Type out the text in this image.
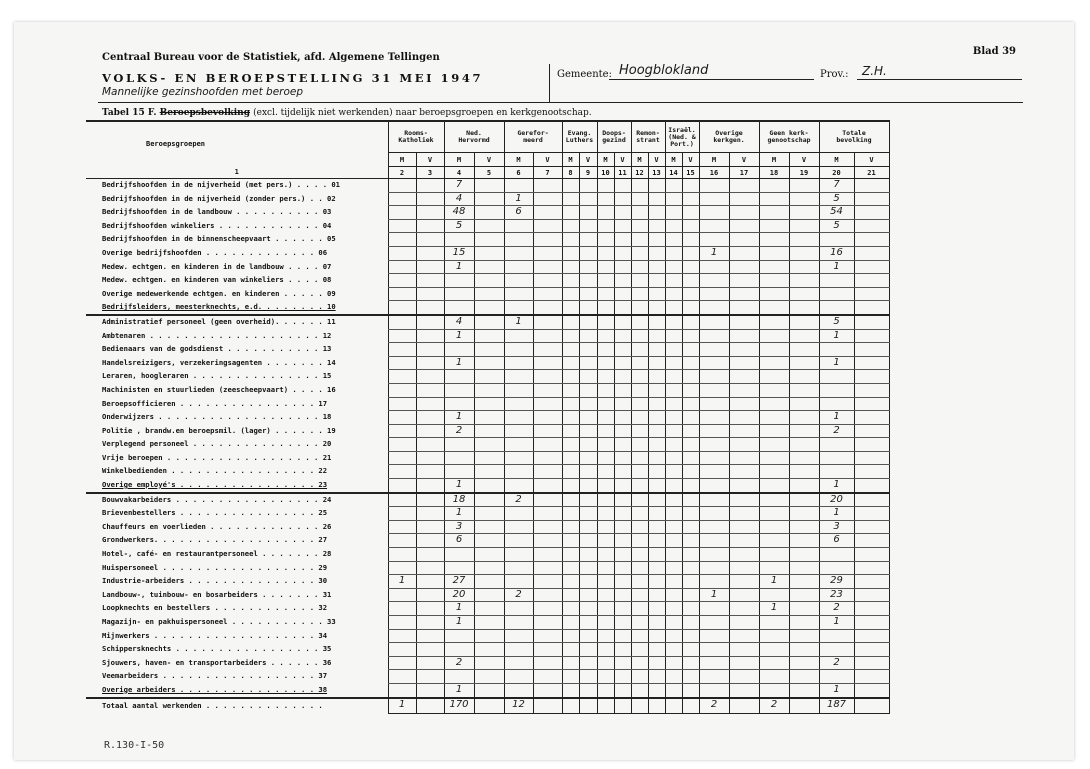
Centraal Bureau voor de Statistiek, afd. Algemene Tellingen
Blad 39
VOLKS- EN BEROEPSTELLING 31 MEI 1947
Mannelijke gezinshoofden met beroep
Gemeente: Hoogblokland	Prov.: Z.H.
Tabel 15 F. Beroepsbevolking (excl. tijdelijk niet werkenden) naar beroepsgroepen en kerkgenootschap.
Beroepsgroepen	Rooms-
Katholiek		Ned.
Hervormd		Gerefor-
meerd		Evang.
Luthers		Doops-
gezind		Remon-
strant		Israël.
(Ned. &
Port.)		Overige
kerkgen.		Geen kerk-
genootschap		Totale
bevolking	
	M	V	M	V	M	V	M	V	M	V	M	V	M	V	M	V	M	V	M	V
1	2	3	4	5	6	7	8	9	10	11	12	13	14	15	16	17	18	19	20	21
Bedrijfshoofden in de nijverheid (met pers.) . . . . 01			7																7	
Bedrijfshoofden in de nijverheid (zonder pers.) . . 02			4		1														5	
Bedrijfshoofden in de landbouw . . . . . . . . . . 03			48		6														54	
Bedrijfshoofden winkeliers . . . . . . . . . . . . 04			5																5	
Bedrijfshoofden in de binnenscheepvaart . . . . . . 05																				
Overige bedrijfshoofden . . . . . . . . . . . . . 06			15												1				16	
Medew. echtgen. en kinderen in de landbouw . . . . 07			1																1	
Medew. echtgen. en kinderen van winkeliers . . . . 08																				
Overige medewerkende echtgen. en kinderen . . . . . 09																				
Bedrijfsleiders, meesterknechts, e.d. . . . . . . . 10																				
Administratief personeel (geen overheid). . . . . . 11			4		1														5	
Ambtenaren . . . . . . . . . . . . . . . . . . . . 12			1																1	
Bedienaars van de godsdienst . . . . . . . . . . . 13																				
Handelsreizigers, verzekeringsagenten . . . . . . . 14			1																1	
Leraren, hoogleraren . . . . . . . . . . . . . . . 15																				
Machinisten en stuurlieden (zeescheepvaart) . . . . 16																				
Beroepsofficieren . . . . . . . . . . . . . . . . 17																				
Onderwijzers . . . . . . . . . . . . . . . . . . . 18			1																1	
Politie , brandw.en beroepsmil. (lager) . . . . . . 19			2																2	
Verplegend personeel . . . . . . . . . . . . . . . 20																				
Vrije beroepen . . . . . . . . . . . . . . . . . . 21																				
Winkelbedienden . . . . . . . . . . . . . . . . . 22																				
Overige employé's . . . . . . . . . . . . . . . . 23			1																1	
Bouwvakarbeiders . . . . . . . . . . . . . . . . . 24			18		2														20	
Brievenbestellers . . . . . . . . . . . . . . . . 25			1																1	
Chauffeurs en voerlieden . . . . . . . . . . . . . 26			3																3	
Grondwerkers. . . . . . . . . . . . . . . . . . . 27			6																6	
Hotel-, café- en restaurantpersoneel . . . . . . . 28																				
Huispersoneel . . . . . . . . . . . . . . . . . . 29																				
Industrie-arbeiders . . . . . . . . . . . . . . . 30	1		27														1		29	
Landbouw-, tuinbouw- en bosarbeiders . . . . . . . 31			20		2										1				23	
Loopknechts en bestellers . . . . . . . . . . . . 32			1														1		2	
Magazijn- en pakhuispersoneel . . . . . . . . . . . 33			1																1	
Mijnwerkers . . . . . . . . . . . . . . . . . . . 34																				
Schippersknechts . . . . . . . . . . . . . . . . . 35																				
Sjouwers, haven- en transportarbeiders . . . . . . 36			2																2	
Veemarbeiders . . . . . . . . . . . . . . . . . . 37																				
Overige arbeiders . . . . . . . . . . . . . . . . 38			1																1	
Totaal aantal werkenden . . . . . . . . . . . . . .	1		170		12										2		2		187	
R.130-I-50
